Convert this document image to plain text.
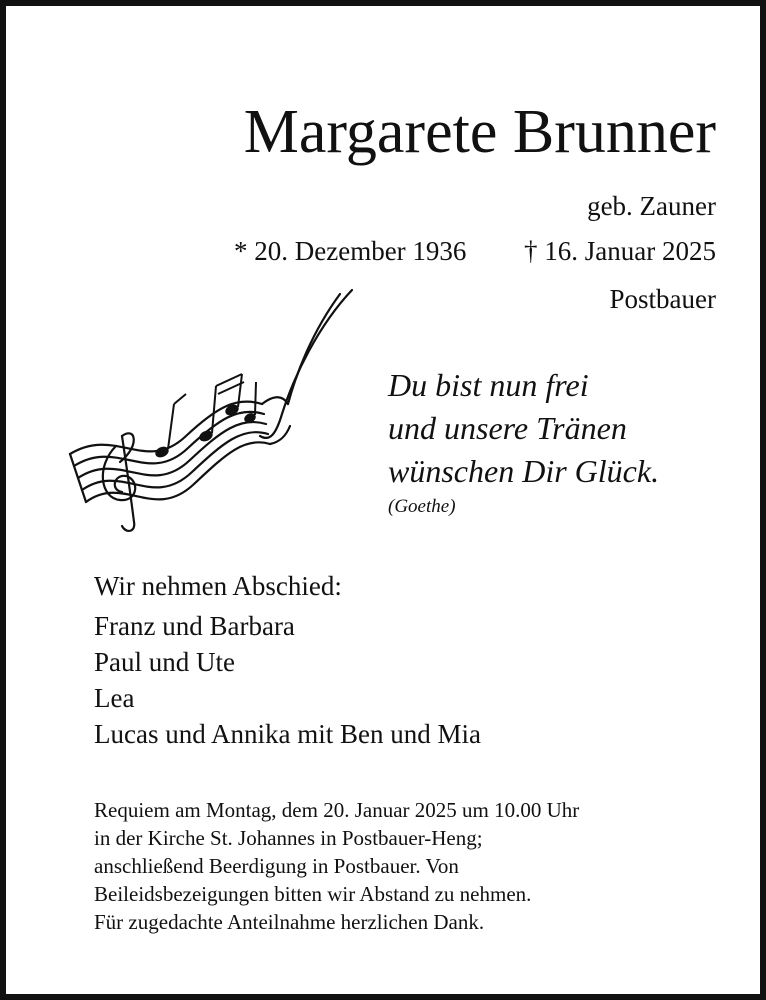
Margarete Brunner
geb. Zauner
* 20. Dezember 1936 † 16. Januar 2025
Postbauer
Du bist nun frei
und unsere Tränen
wünschen Dir Glück.
(Goethe)
Wir nehmen Abschied:
Franz und Barbara
Paul und Ute
Lea
Lucas und Annika mit Ben und Mia
Requiem am Montag, dem 20. Januar 2025 um 10.00 Uhr
in der Kirche St. Johannes in Postbauer-Heng;
anschließend Beerdigung in Postbauer. Von
Beileidsbezeigungen bitten wir Abstand zu nehmen.
Für zugedachte Anteilnahme herzlichen Dank.
